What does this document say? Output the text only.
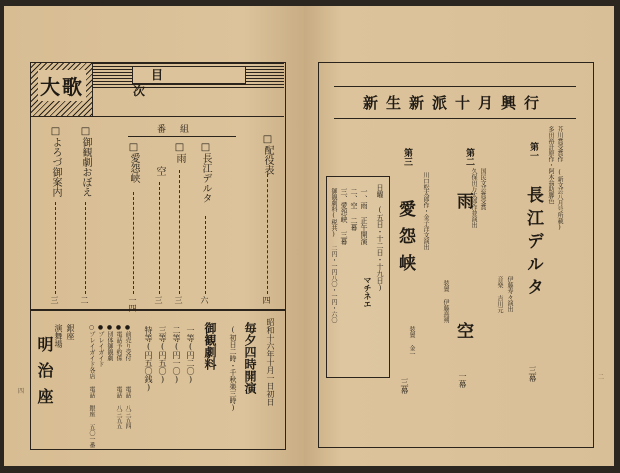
大歌	目次
番組
□配役表
四
□長江デルタ
六
□雨
三
空
三
□愛怨峡
一四
□御観劇おぼえ
二
□よろづ御案内
三
昭和十六年十月一日初日
毎夕四時開演
(初日二時・千秋楽三時)
御観劇料
一等(円二〇)
二等(円一〇)
三等(円五〇)
特等(円五〇銭)
●前売り受付
●電話予約係
●団体御観劇
●プレイガイド
○プレイガイド各店
電話 八三五四
電話 八三五五
電話 銀座 五〇一番
銀座
演舞場
明治座
四
新生新派十月興行
芥川賞受賞作 (新文芸八月号所載)
多田裕計原作・阿木翁助脚色
第一
長江デルタ
三幕
伊藤寿々演出
音楽 吉川元
第二
国民文芸賞受賞
久保田万太郎作並演出
雨
空
一幕
装置 伊藤熹朔
第三
川口松太郎作・金子洋文演出
愛怨峡
装置 金一
三幕
日曜 (五日・十二日・十九日)
マチネエ
一、雨 正午開演
二、空 二幕
三、愛怨峡 三幕
御観劇料(税共) 二円・一円八〇・一円・六〇
二
